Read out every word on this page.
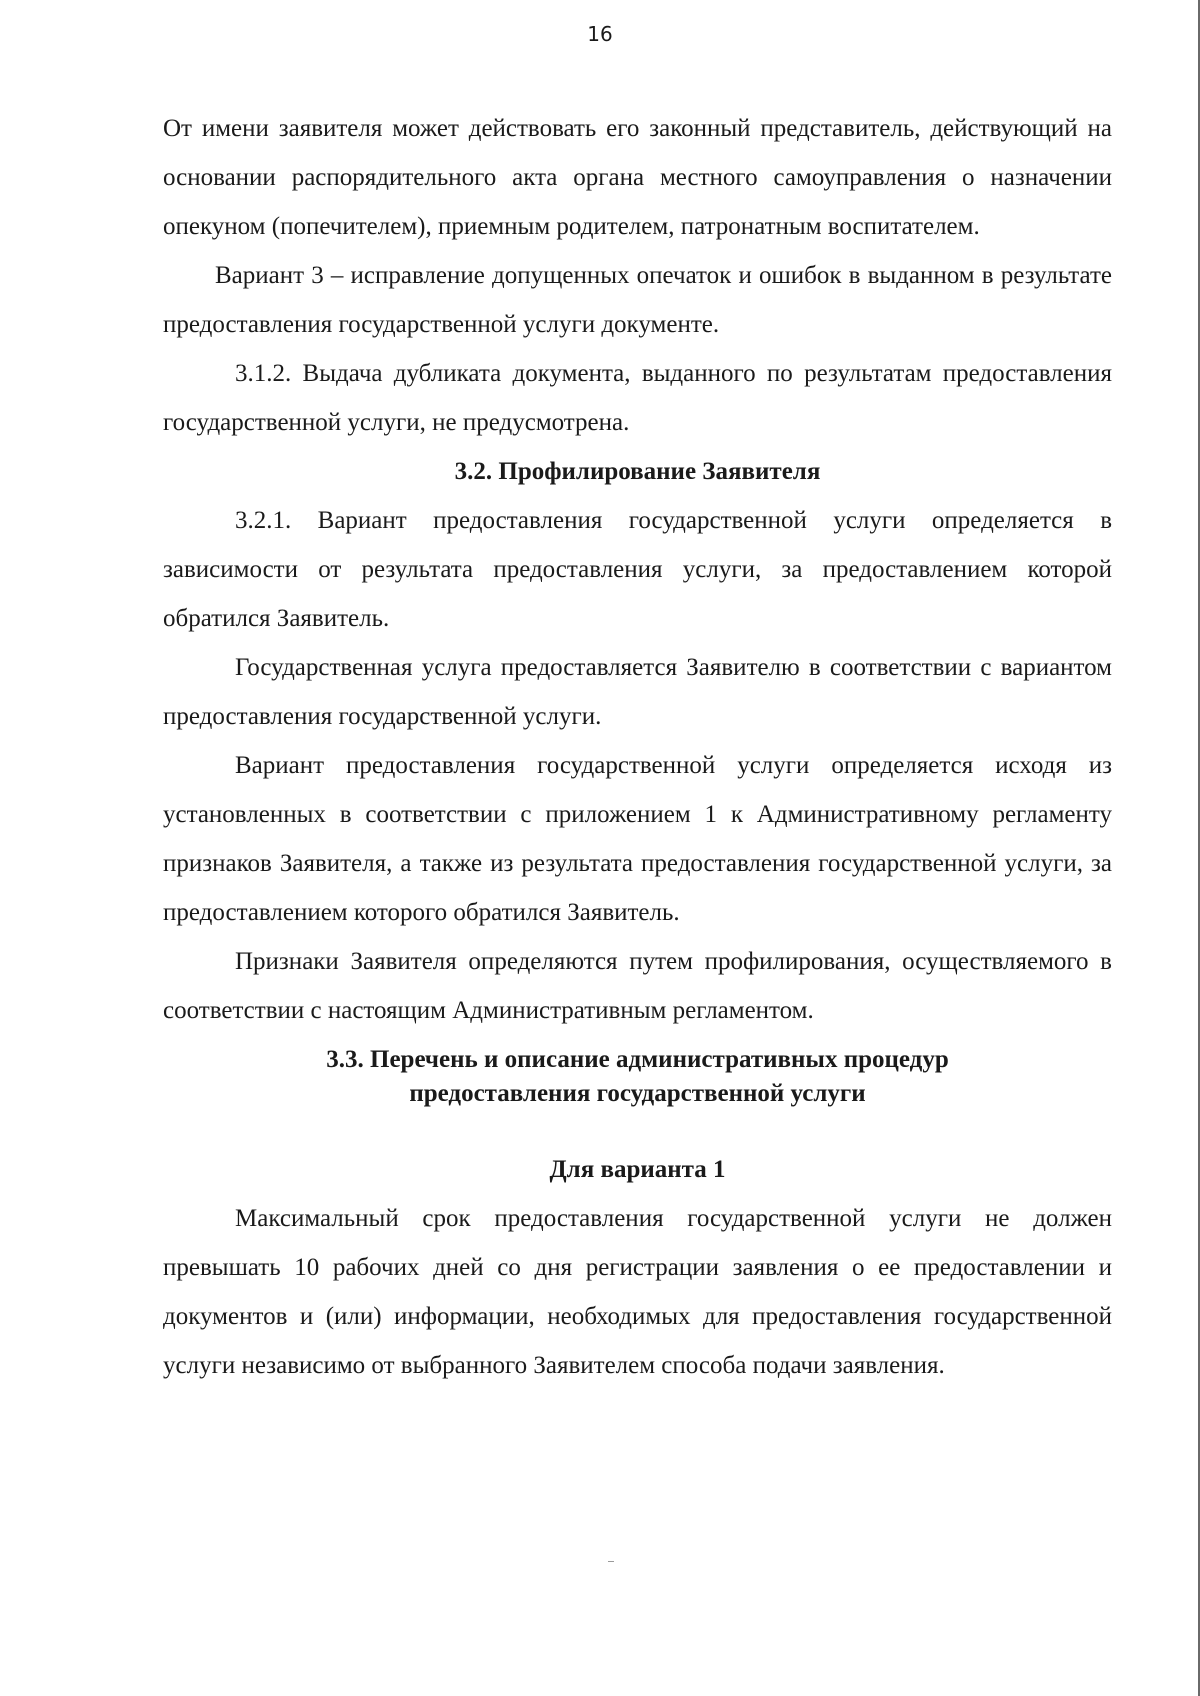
16

От имени заявителя может действовать его законный представитель, действующий на основании распорядительного акта органа местного самоуправления о назначении опекуном (попечителем), приемным родителем, патронатным воспитателем.

Вариант 3 – исправление допущенных опечаток и ошибок в выданном в результате предоставления государственной услуги документе.

3.1.2. Выдача дубликата документа, выданного по результатам предоставления государственной услуги, не предусмотрена.

3.2. Профилирование Заявителя

3.2.1. Вариант предоставления государственной услуги определяется в зависимости от результата предоставления услуги, за предоставлением которой обратился Заявитель.

Государственная услуга предоставляется Заявителю в соответствии с вариантом предоставления государственной услуги.

Вариант предоставления государственной услуги определяется исходя из установленных в соответствии с приложением 1 к Административному регламенту признаков Заявителя, а также из результата предоставления государственной услуги, за предоставлением которого обратился Заявитель.

Признаки Заявителя определяются путем профилирования, осуществляемого в соответствии с настоящим Административным регламентом.

3.3. Перечень и описание административных процедур
предоставления государственной услуги
Для варианта 1

Максимальный срок предоставления государственной услуги не должен превышать 10 рабочих дней со дня регистрации заявления о ее предоставлении и документов и (или) информации, необходимых для предоставления государственной услуги независимо от выбранного Заявителем способа подачи заявления.
